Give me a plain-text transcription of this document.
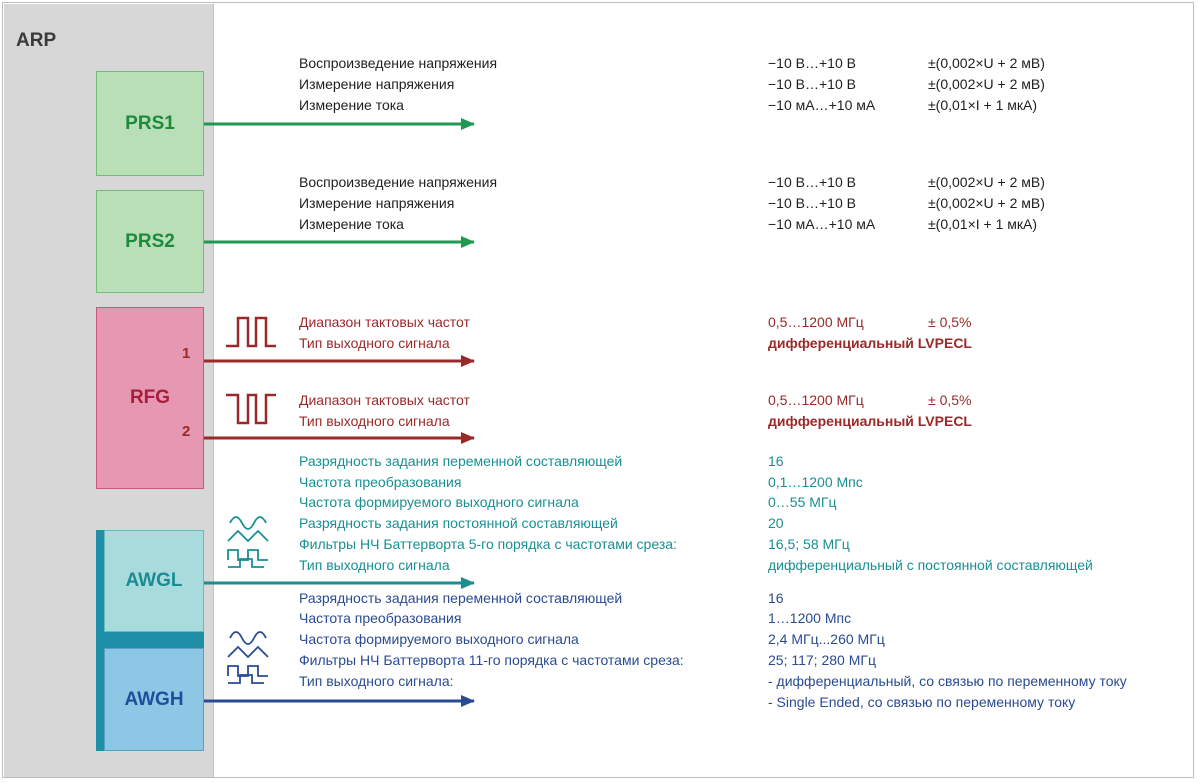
ARP
PRS1
PRS2
RFG
AWGL
AWGH
1
2
Воспроизведение напряжения	−10 В…+10 В	±(0,002×U + 2 мВ)
Измерение напряжения	−10 В…+10 В	±(0,002×U + 2 мВ)
Измерение тока	−10 мА…+10 мА	±(0,01×I + 1 мкА)
Воспроизведение напряжения	−10 В…+10 В	±(0,002×U + 2 мВ)
Измерение напряжения	−10 В…+10 В	±(0,002×U + 2 мВ)
Измерение тока	−10 мА…+10 мА	±(0,01×I + 1 мкА)
Диапазон тактовых частот	0,5…1200 МГц	± 0,5%
Тип выходного сигнала	дифференциальный LVPECL
Диапазон тактовых частот	0,5…1200 МГц	± 0,5%
Тип выходного сигнала	дифференциальный LVPECL
Разрядность задания переменной составляющей	16
Частота преобразования	0,1…1200 Мпс
Частота формируемого выходного сигнала	0…55 МГц
Разрядность задания постоянной составляющей	20
Фильтры НЧ Баттерворта 5-го порядка с частотами среза:	16,5; 58 МГц
Тип выходного сигнала	дифференциальный с постоянной составляющей
Разрядность задания переменной составляющей	16
Частота преобразования	1…1200 Мпс
Частота формируемого выходного сигнала	2,4 МГц...260 МГц
Фильтры НЧ Баттерворта 11-го порядка с частотами среза:	25; 117; 280 МГц
Тип выходного сигнала:	- дифференциальный, со связью по переменному току
- Single Ended, со связью по переменному току
